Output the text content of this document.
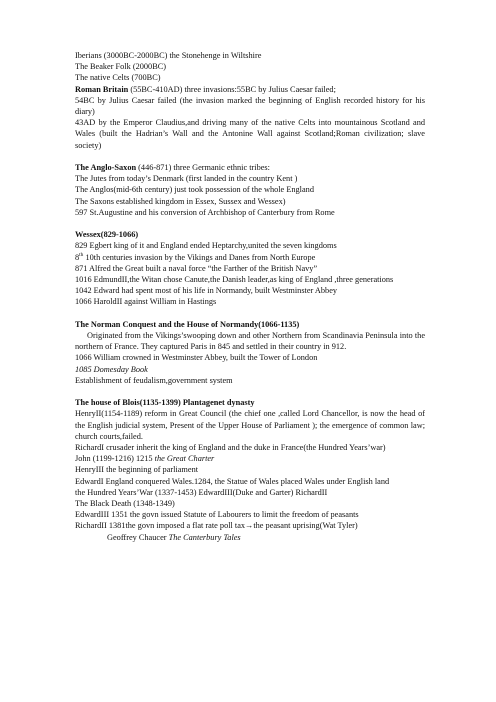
Iberians (3000BC-2000BC) the Stonehenge in Wiltshire

The Beaker Folk (2000BC)

The native Celts (700BC)

Roman Britain (55BC-410AD) three invasions:55BC by Julius Caesar failed;

54BC by Julius Caesar failed (the invasion marked the beginning of English recorded history for his diary)

43AD by the Emperor Claudius,and driving many of the native Celts into mountainous Scotland and Wales (built the Hadrian’s Wall and the Antonine Wall against Scotland;Roman civilization; slave society)

The Anglo-Saxon (446-871) three Germanic ethnic tribes:

The Jutes from today’s Denmark (first landed in the country Kent )

The Anglos(mid-6th century) just took possession of the whole England

The Saxons established kingdom in Essex, Sussex and Wessex)

597 St.Augustine and his conversion of Archbishop of Canterbury from Rome

Wessex(829-1066)

829 Egbert king of it and England ended Heptarchy,united the seven kingdoms

8th 10th centuries invasion by the Vikings and Danes from North Europe

871 Alfred the Great built a naval force “the Farther of the British Navy”

1016 EdmundII,the Witan chose Canute,the Danish leader,as king of England ,three generations

1042 Edward had spent most of his life in Normandy, built Westminster Abbey

1066 HaroldII against William in Hastings

The Norman Conquest and the House of Normandy(1066-1135)

Originated from the Vikings’swooping down and other Northern from Scandinavia Peninsula into the northern of France. They captured Paris in 845 and settled in their country in 912.

1066 William crowned in Westminster Abbey, built the Tower of London

1085 Domesday Book

Establishment of feudalism,government system

The house of Blois(1135-1399) Plantagenet dynasty

HenryII(1154-1189) reform in Great Council (the chief one ,called Lord Chancellor, is now the head of the English judicial system, Present of the Upper House of Parliament ); the emergence of common law; church courts,failed.

RichardI crusader inherit the king of England and the duke in France(the Hundred Years’war)

John (1199-1216) 1215 the Great Charter

HenryIII the beginning of parliament

EdwardI England conquered Wales.1284, the Statue of Wales placed Wales under English land

the Hundred Years’War (1337-1453) EdwardIII(Duke and Garter) RichardII

The Black Death (1348-1349)

EdwardIII 1351 the govn issued Statute of Labourers to limit the freedom of peasants

RichardII 1381the govn imposed a flat rate poll tax→the peasant uprising(Wat Tyler)

Geoffrey Chaucer The Canterbury Tales
